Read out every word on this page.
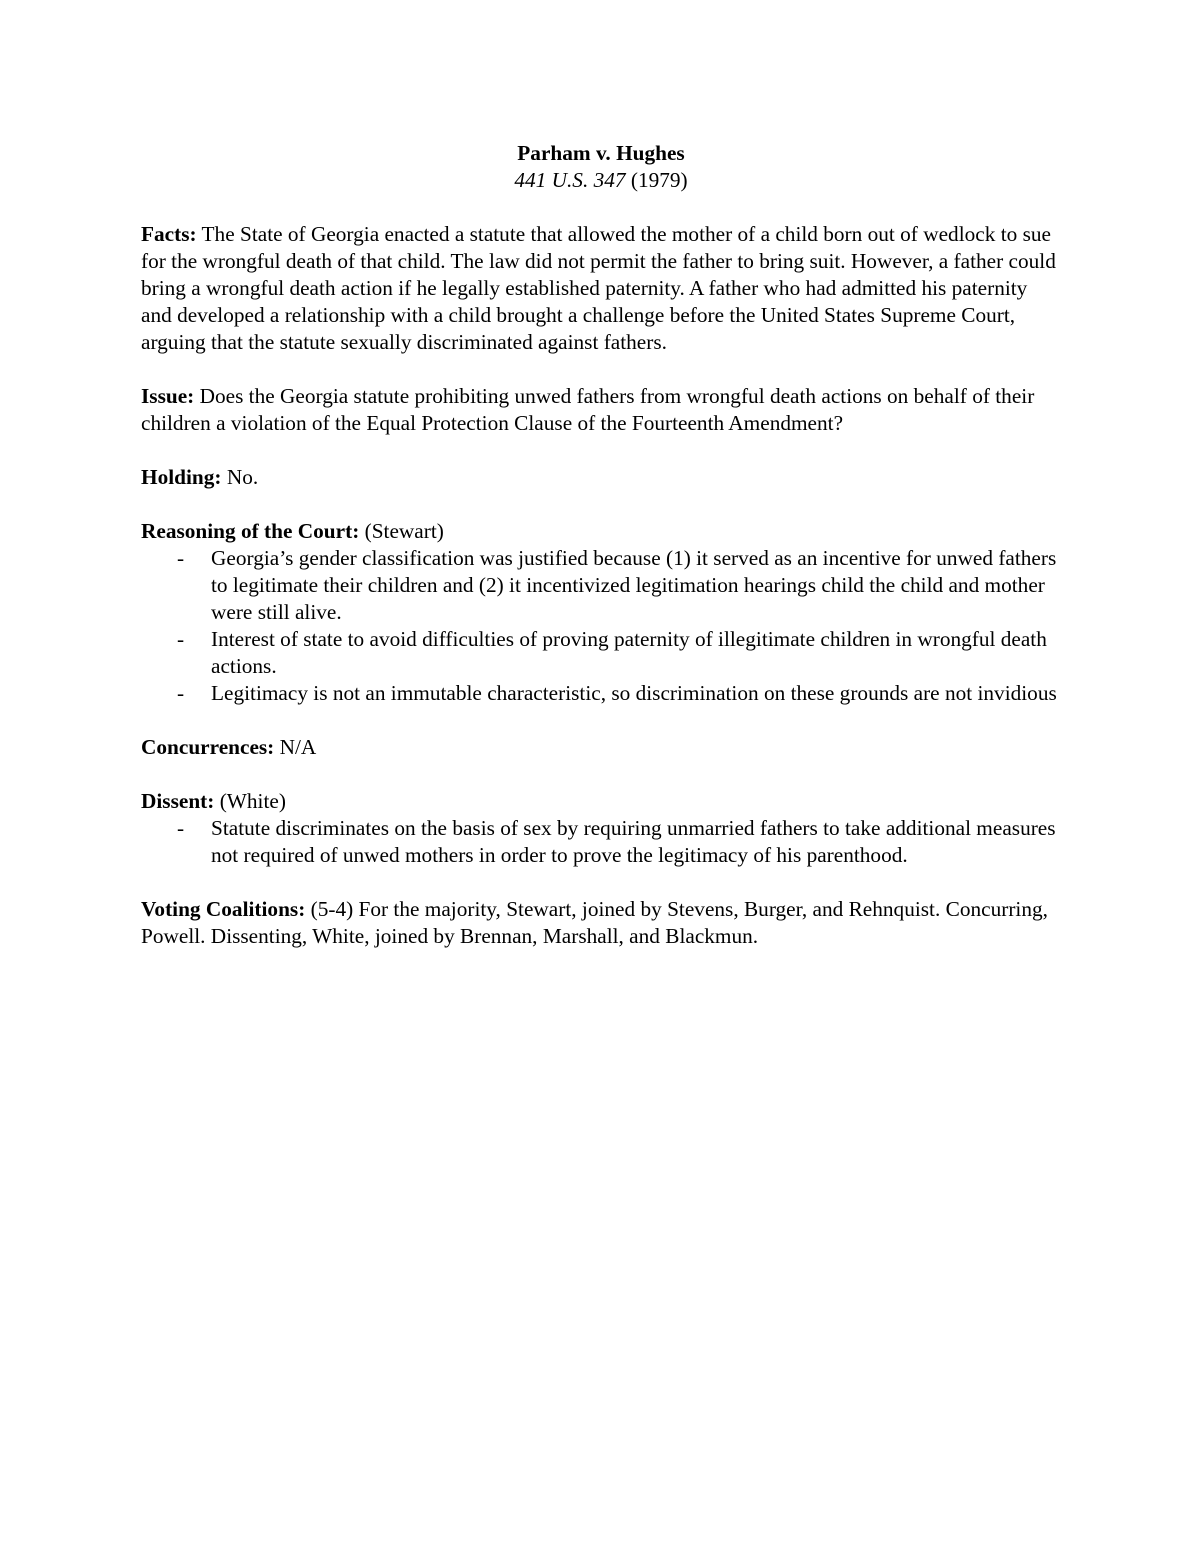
Parham v. Hughes
441 U.S. 347 (1979)

Facts: The State of Georgia enacted a statute that allowed the mother of a child born out of wedlock to sue for the wrongful death of that child. The law did not permit the father to bring suit. However, a father could bring a wrongful death action if he legally established paternity. A father who had admitted his paternity and developed a relationship with a child brought a challenge before the United States Supreme Court, arguing that the statute sexually discriminated against fathers.

Issue: Does the Georgia statute prohibiting unwed fathers from wrongful death actions on behalf of their children a violation of the Equal Protection Clause of the Fourteenth Amendment?

Holding: No.

Reasoning of the Court: (Stewart)
- Georgia’s gender classification was justified because (1) it served as an incentive for unwed fathers to legitimate their children and (2) it incentivized legitimation hearings child the child and mother were still alive.
- Interest of state to avoid difficulties of proving paternity of illegitimate children in wrongful death actions.
- Legitimacy is not an immutable characteristic, so discrimination on these grounds are not invidious

Concurrences: N/A

Dissent: (White)
- Statute discriminates on the basis of sex by requiring unmarried fathers to take additional measures not required of unwed mothers in order to prove the legitimacy of his parenthood.

Voting Coalitions: (5-4) For the majority, Stewart, joined by Stevens, Burger, and Rehnquist. Concurring, Powell. Dissenting, White, joined by Brennan, Marshall, and Blackmun.
